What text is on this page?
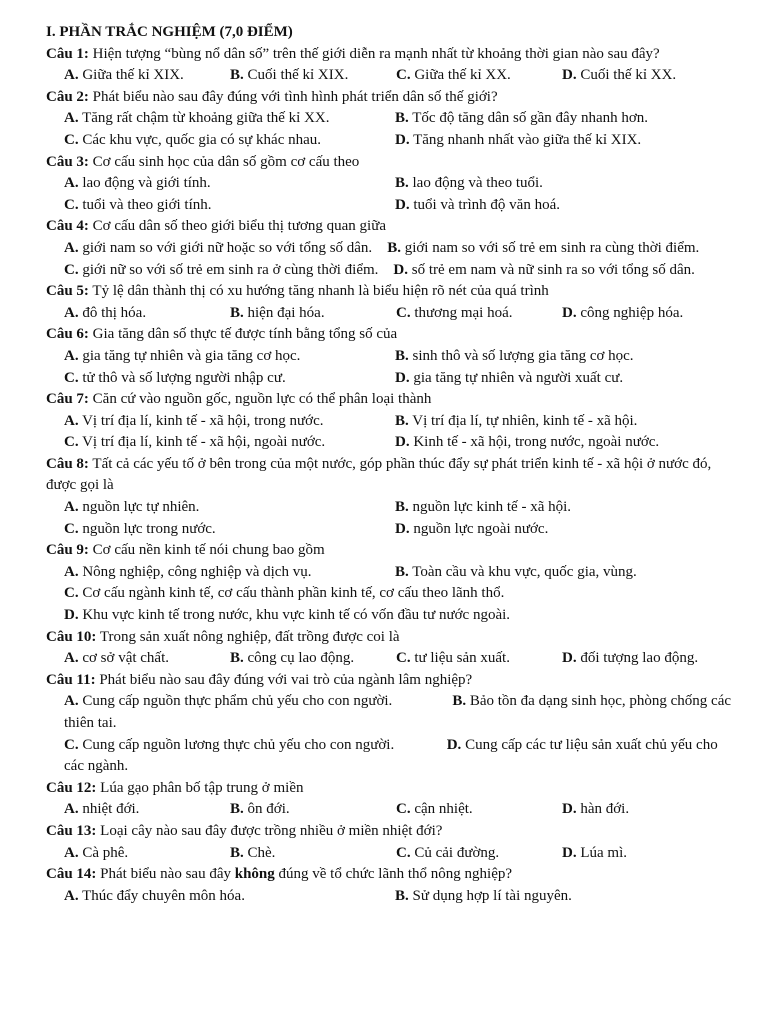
I. PHẦN TRẮC NGHIỆM (7,0 ĐIỂM)
Câu 1: Hiện tượng “bùng nổ dân số” trên thế giới diễn ra mạnh nhất từ khoảng thời gian nào sau đây?
A. Giữa thế kỉ XIX.	B. Cuối thế kỉ XIX.	C. Giữa thế kỉ XX.	D. Cuối thế kỉ XX.
Câu 2: Phát biểu nào sau đây đúng với tình hình phát triển dân số thế giới?
A. Tăng rất chậm từ khoảng giữa thế kỉ XX.	B. Tốc độ tăng dân số gần đây nhanh hơn.
C. Các khu vực, quốc gia có sự khác nhau.	D. Tăng nhanh nhất vào giữa thế kỉ XIX.
Câu 3: Cơ cấu sinh học của dân số gồm cơ cấu theo
A. lao động và giới tính.	B. lao động và theo tuổi.
C. tuổi và theo giới tính.	D. tuổi và trình độ văn hoá.
Câu 4: Cơ cấu dân số theo giới biểu thị tương quan giữa
A. giới nam so với giới nữ hoặc so với tổng số dân. B. giới nam so với số trẻ em sinh ra cùng thời điểm.
C. giới nữ so với số trẻ em sinh ra ở cùng thời điểm. D. số trẻ em nam và nữ sinh ra so với tổng số dân.
Câu 5: Tỷ lệ dân thành thị có xu hướng tăng nhanh là biểu hiện rõ nét của quá trình
A. đô thị hóa.	B. hiện đại hóa.	C. thương mại hoá.	D. công nghiệp hóa.
Câu 6: Gia tăng dân số thực tế được tính bằng tổng số của
A. gia tăng tự nhiên và gia tăng cơ học.	B. sinh thô và số lượng gia tăng cơ học.
C. tử thô và số lượng người nhập cư.	D. gia tăng tự nhiên và người xuất cư.
Câu 7: Căn cứ vào nguồn gốc, nguồn lực có thể phân loại thành
A. Vị trí địa lí, kinh tế - xã hội, trong nước.	B. Vị trí địa lí, tự nhiên, kinh tế - xã hội.
C. Vị trí địa lí, kinh tế - xã hội, ngoài nước.	D. Kinh tế - xã hội, trong nước, ngoài nước.
Câu 8: Tất cả các yếu tố ở bên trong của một nước, góp phần thúc đẩy sự phát triển kinh tế - xã hội ở nước đó, được gọi là
A. nguồn lực tự nhiên.	B. nguồn lực kinh tế - xã hội.
C. nguồn lực trong nước.	D. nguồn lực ngoài nước.
Câu 9: Cơ cấu nền kinh tế nói chung bao gồm
A. Nông nghiệp, công nghiệp và dịch vụ.	B. Toàn cầu và khu vực, quốc gia, vùng.
C. Cơ cấu ngành kinh tế, cơ cấu thành phần kinh tế, cơ cấu theo lãnh thổ.
D. Khu vực kinh tế trong nước, khu vực kinh tế có vốn đầu tư nước ngoài.
Câu 10: Trong sản xuất nông nghiệp, đất trồng được coi là
A. cơ sở vật chất.	B. công cụ lao động.	C. tư liệu sản xuất.	D. đối tượng lao động.
Câu 11: Phát biểu nào sau đây đúng với vai trò của ngành lâm nghiệp?
A. Cung cấp nguồn thực phẩm chủ yếu cho con người.	B. Bảo tồn đa dạng sinh học, phòng chống các thiên tai.
C. Cung cấp nguồn lương thực chủ yếu cho con người.	D. Cung cấp các tư liệu sản xuất chủ yếu cho các ngành.
Câu 12: Lúa gạo phân bố tập trung ở miền
A. nhiệt đới.	B. ôn đới.	C. cận nhiệt.	D. hàn đới.
Câu 13: Loại cây nào sau đây được trồng nhiều ở miền nhiệt đới?
A. Cà phê.	B. Chè.	C. Củ cải đường.	D. Lúa mì.
Câu 14: Phát biểu nào sau đây không đúng về tổ chức lãnh thổ nông nghiệp?
A. Thúc đẩy chuyên môn hóa.	B. Sử dụng hợp lí tài nguyên.
